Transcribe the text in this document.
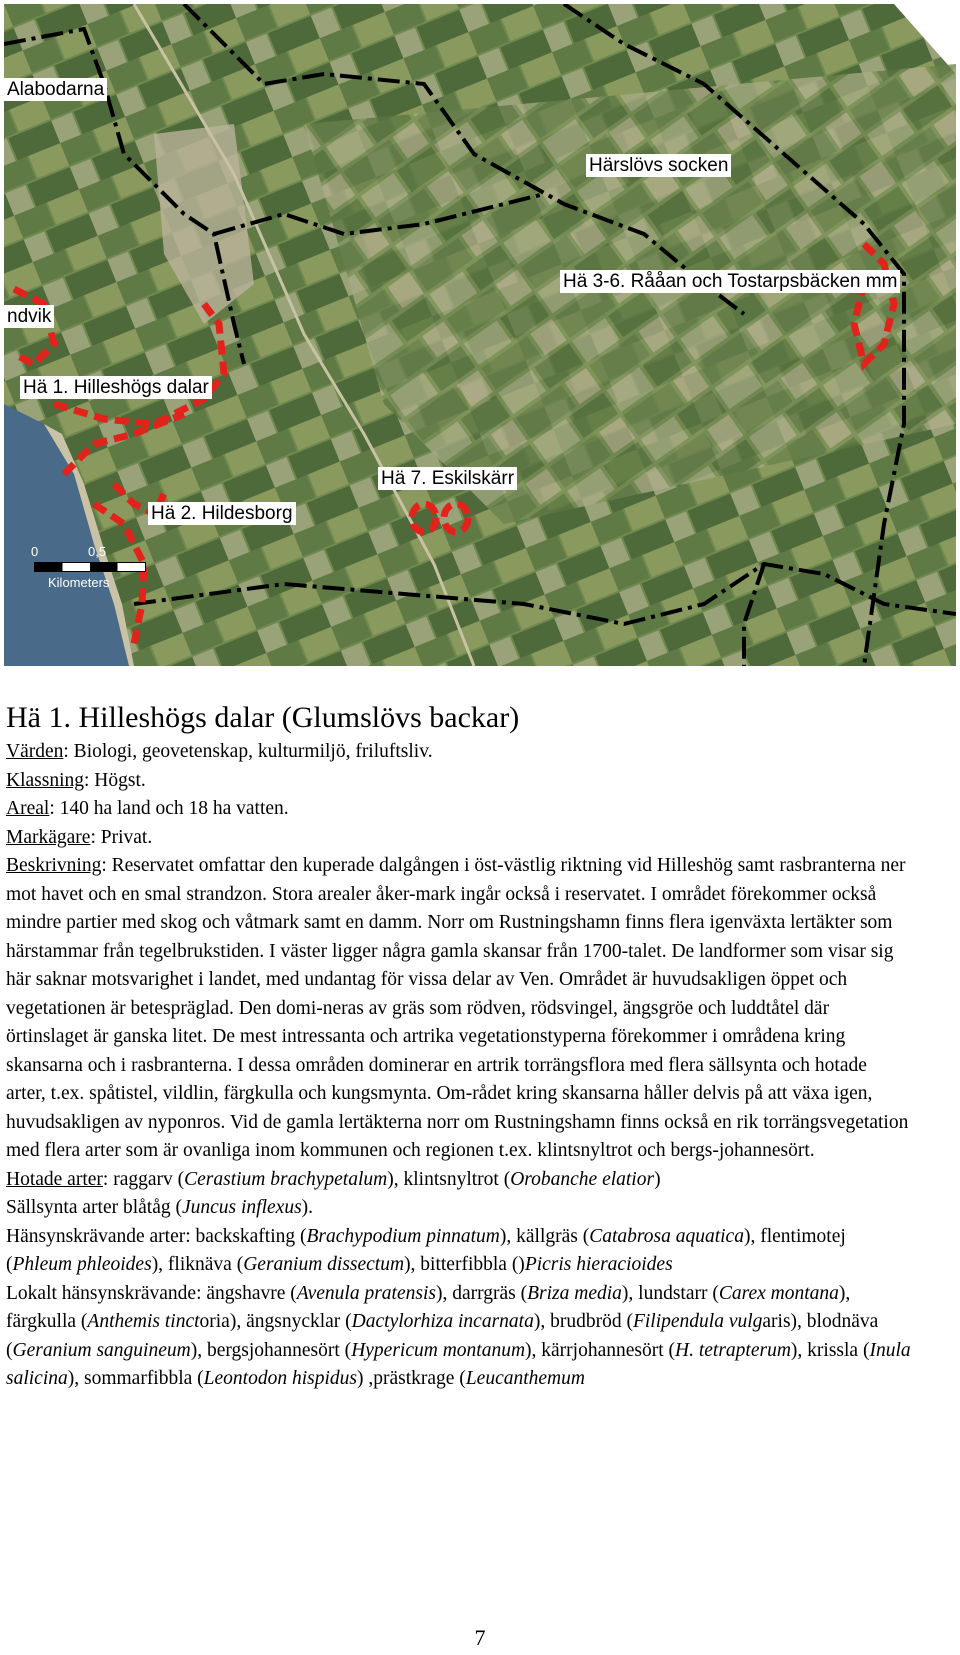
Alabodarna
Härslövs socken
Hä 3-6. Rååan och Tostarpsbäcken mm
ndvik
Hä 1. Hilleshögs dalar
Hä 7. Eskilskärr
Hä 2. Hildesborg
0	0,5
Kilometers
Hä 1. Hilleshögs dalar (Glumslövs backar)

Värden: Biologi, geovetenskap, kulturmiljö, friluftsliv.

Klassning: Högst.

Areal: 140 ha land och 18 ha vatten.

Markägare: Privat.

Beskrivning: Reservatet omfattar den kuperade dalgången i öst-västlig riktning vid Hilleshög samt rasbranterna ner mot havet och en smal strandzon. Stora arealer åker-mark ingår också i reservatet. I området förekommer också mindre partier med skog och våtmark samt en damm. Norr om Rustningshamn finns flera igenväxta lertäkter som härstammar från tegelbrukstiden. I väster ligger några gamla skansar från 1700-talet. De landformer som visar sig här saknar motsvarighet i landet, med undantag för vissa delar av Ven. Området är huvudsakligen öppet och vegetationen är betespräglad. Den domi-neras av gräs som rödven, rödsvingel, ängsgröe och luddtåtel där örtinslaget är ganska litet. De mest intressanta och artrika vegetationstyperna förekommer i områdena kring skansarna och i rasbranterna. I dessa områden dominerar en artrik torrängsflora med flera sällsynta och hotade arter, t.ex. spåtistel, vildlin, färgkulla och kungsmynta. Om-rådet kring skansarna håller delvis på att växa igen, huvudsakligen av nyponros. Vid de gamla lertäkterna norr om Rustningshamn finns också en rik torrängsvegetation med flera arter som är ovanliga inom kommunen och regionen t.ex. klintsnyltrot och bergs-johannesört.

Hotade arter: raggarv (Cerastium brachypetalum), klintsnyltrot (Orobanche elatior)

Sällsynta arter blåtåg (Juncus inflexus).

Hänsynskrävande arter: backskafting (Brachypodium pinnatum), källgräs (Catabrosa aquatica), flentimotej (Phleum phleoides), fliknäva (Geranium dissectum), bitterfibbla ()Picris hieracioides

Lokalt hänsynskrävande: ängshavre (Avenula pratensis), darrgräs (Briza media), lundstarr (Carex montana), färgkulla (Anthemis tinctoria), ängsnycklar (Dactylorhiza incarnata), brudbröd (Filipendula vulgaris), blodnäva (Geranium sanguineum), bergsjohannesört (Hypericum montanum), kärrjohannesört (H. tetrapterum), krissla (Inula salicina), sommarfibbla (Leontodon hispidus) ,prästkrage (Leucanthemum

7
